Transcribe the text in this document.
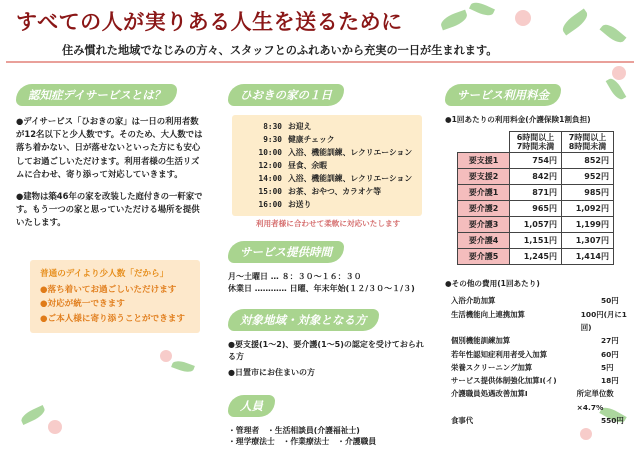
すべての人が実りある人生を送るために
住み慣れた地域でなじみの方々、スタッフとのふれあいから充実の一日が生まれます。
認知症デイサービスとは？

●デイサービス「ひおきの家」は一日の利用者数が12名以下と少人数です。そのため、大人数では落ち着かない、日が落せないといった方にも安心してお過ごしいただけます。利用者様の生活リズムに合わせ、寄り添って対応していきます。

●建物は築46年の家を改装した庭付きの一軒家です。もう一つの家と思っていただける場所を提供いたします。

普通のデイより少人数「だから」
●落ち着いてお過ごしいただけます
●対応が統一できます
●ご本人様に寄り添うことができます
ひおきの家の１日
8:30 お迎え
9:30 健康チェック
10:00 入浴、機能訓練、レクリエーション
12:00 昼食、余暇
14:00 入浴、機能訓練、レクリエーション
15:00 お茶、おやつ、カラオケ等
16:00 お送り
利用者様に合わせて柔軟に対応いたします
サービス提供時間

月～土曜日 … ８：３０～１６：３０

休業日 ………… 日曜、年末年始(１２/３０～１/３)

対象地域・対象となる方

●要支援(1～2)、要介護(1～5)の認定を受けておられる方

●日置市にお住まいの方

人員

・管理者　・生活相談員(介護福祉士)

・理学療法士　・作業療法士　・介護職員

サービス利用料金

●1回あたりの利用料金(介護保険1割負担)

	6時間以上
7時間未満	7時間以上
8時間未満
要支援1	754円	852円
要支援2	842円	952円
要介護1	871円	985円
要介護2	965円	1,092円
要介護3	1,057円	1,199円
要介護4	1,151円	1,307円
要介護5	1,245円	1,414円

●その他の費用(1回あたり)

入浴介助加算	50円
生活機能向上連携加算	100円(月に1回)
個別機能訓練加算	27円
若年性認知症利用者受入加算	60円
栄養スクリーニング加算	5円
サービス提供体制強化加算Ⅰ(イ)	18円
介護職員処遇改善加算Ⅰ	所定単位数×4.7%
食事代	550円
